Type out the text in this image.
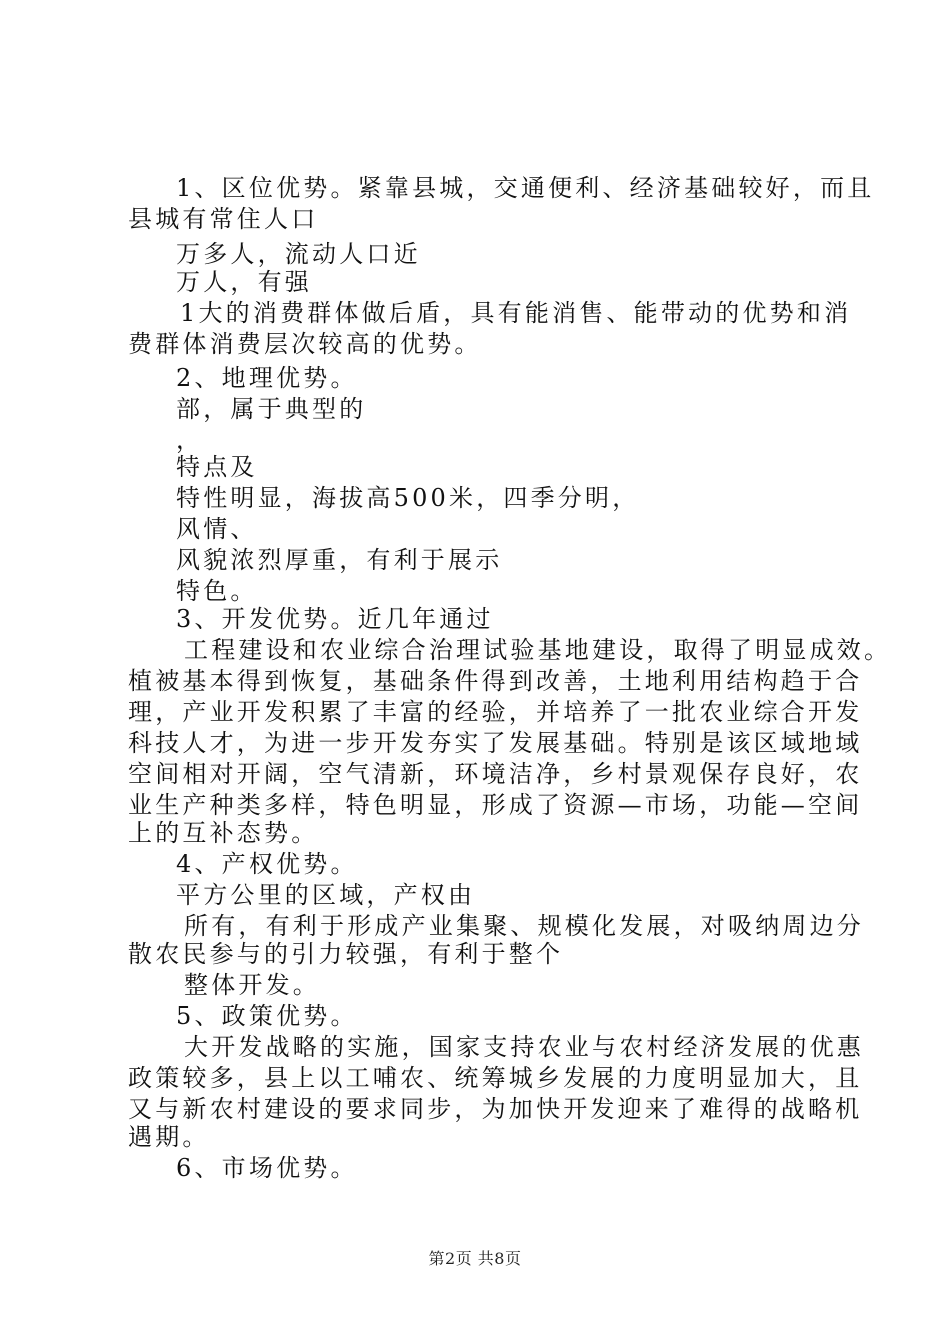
1、区位优势。紧靠县城，交通便利、经济基础较好，而且
县城有常住人口
万多人，流动人口近
万人，有强
1大的消费群体做后盾，具有能消售、能带动的优势和消
费群体消费层次较高的优势。
2、地理优势。
部，属于典型的
，
特点及
特性明显，海拔高500米，四季分明，
风情、
风貌浓烈厚重，有利于展示
特色。
3、开发优势。近几年通过
工程建设和农业综合治理试验基地建设，取得了明显成效。
植被基本得到恢复，基础条件得到改善，土地利用结构趋于合
理，产业开发积累了丰富的经验，并培养了一批农业综合开发
科技人才，为进一步开发夯实了发展基础。特别是该区域地域
空间相对开阔，空气清新，环境洁净，乡村景观保存良好，农
业生产种类多样，特色明显，形成了资源—市场，功能—空间
上的互补态势。
4、产权优势。
平方公里的区域，产权由
所有，有利于形成产业集聚、规模化发展，对吸纳周边分
散农民参与的引力较强，有利于整个
整体开发。
5、政策优势。
大开发战略的实施，国家支持农业与农村经济发展的优惠
政策较多，县上以工哺农、统筹城乡发展的力度明显加大，且
又与新农村建设的要求同步，为加快开发迎来了难得的战略机
遇期。
6、市场优势。
第2页 共8页
